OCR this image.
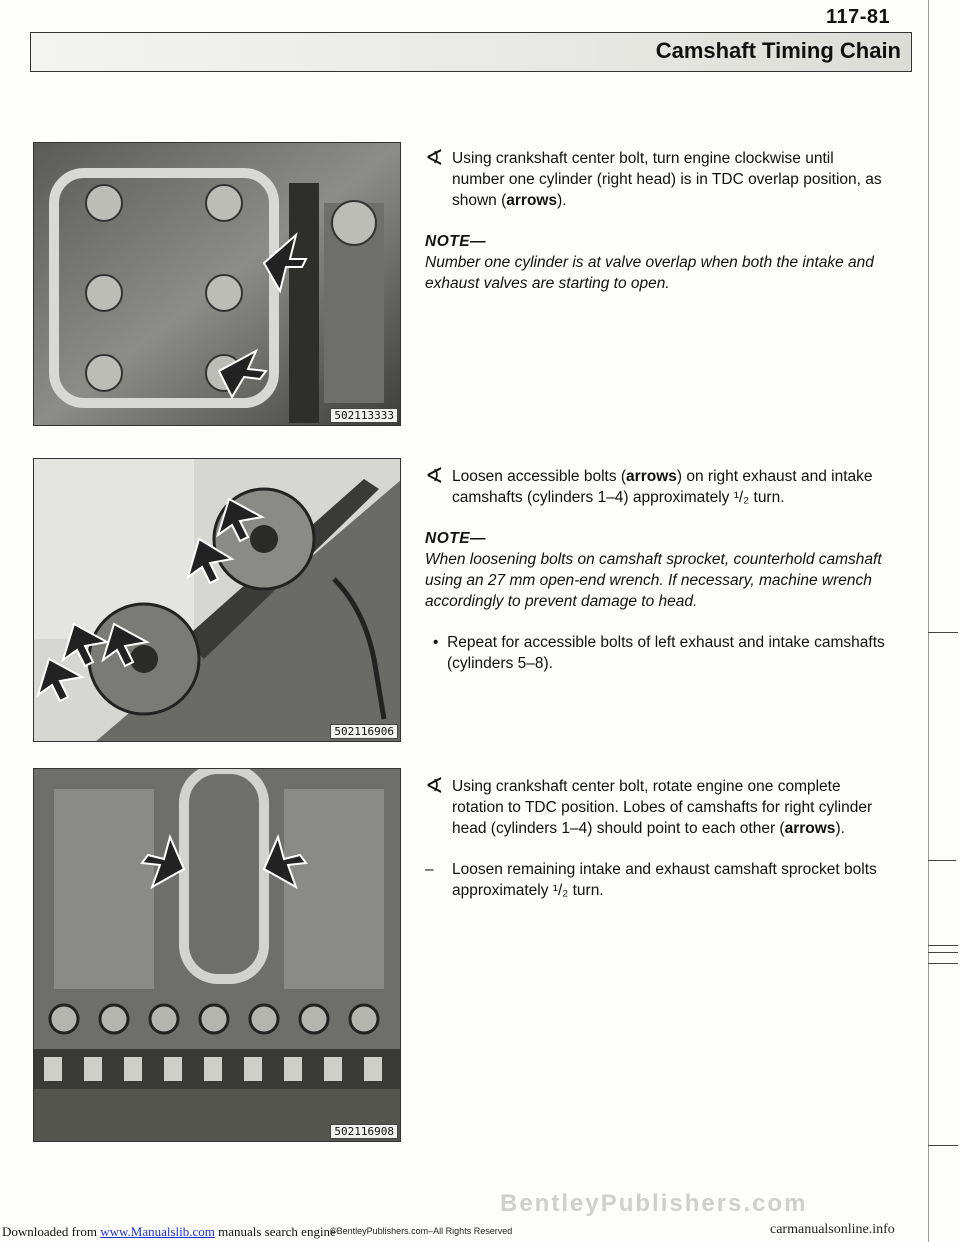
117-81
Camshaft Timing Chain
502113333
502116906
502116908

∢ Using crankshaft center bolt, turn engine clockwise until number one cylinder (right head) is in TDC overlap position, as shown (arrows).

NOTE—

Number one cylinder is at valve overlap when both the intake and exhaust valves are starting to open.

∢ Loosen accessible bolts (arrows) on right exhaust and intake camshafts (cylinders 1–4) approximately ¹/₂ turn.

NOTE—

When loosening bolts on camshaft sprocket, counterhold camshaft using an 27 mm open-end wrench. If necessary, machine wrench accordingly to prevent damage to head.

• Repeat for accessible bolts of left exhaust and intake camshafts (cylinders 5–8).

∢ Using crankshaft center bolt, rotate engine one complete rotation to TDC position. Lobes of camshafts for right cylinder head (cylinders 1–4) should point to each other (arrows).

– Loosen remaining intake and exhaust camshaft sprocket bolts approximately ¹/₂ turn.

Downloaded from www.Manualslib.com manuals search engine
BentleyPublishers.com
©BentleyPublishers.com–All Rights Reserved	carmanualsonline.info
